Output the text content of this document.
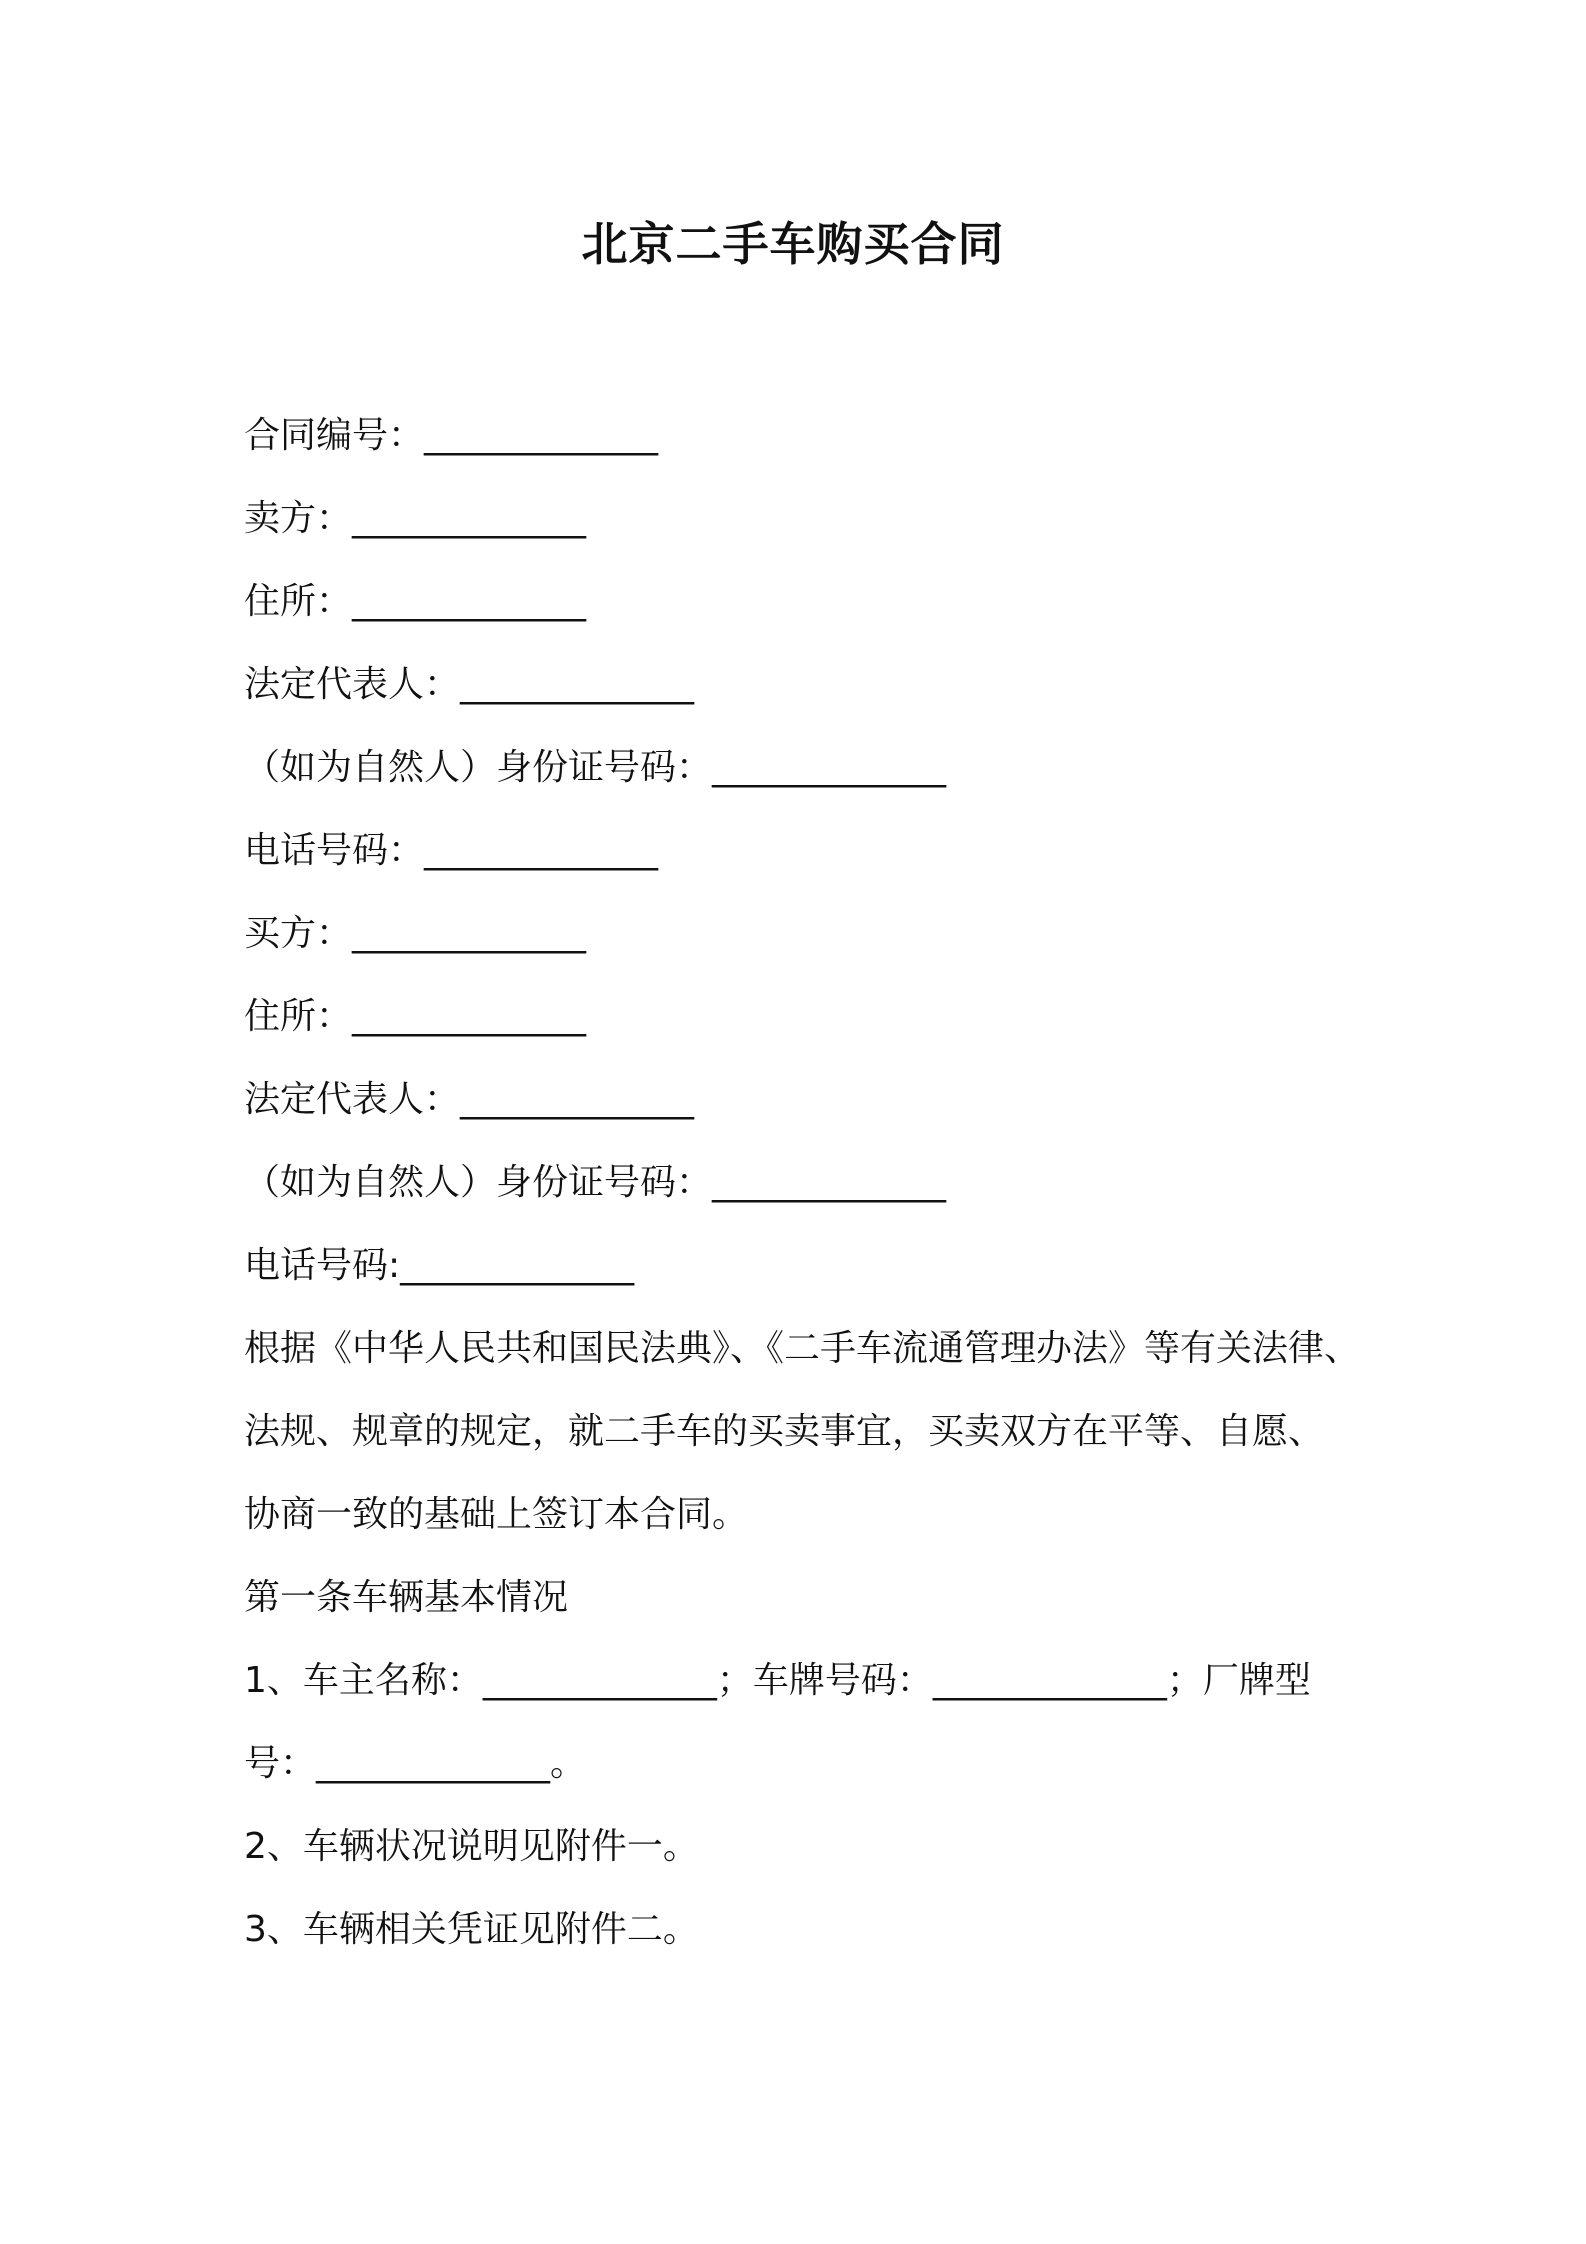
北京二手车购买合同
合同编号：_____________
卖方：_____________
住所：_____________
法定代表人：_____________
（如为自然人）身份证号码：_____________
电话号码：_____________
买方：_____________
住所：_____________
法定代表人：_____________
（如为自然人）身份证号码：_____________
电话号码:_____________
根据《中华人民共和国民法典》、《二手车流通管理办法》等有关法律、
法规、规章的规定，就二手车的买卖事宜，买卖双方在平等、自愿、
协商一致的基础上签订本合同。
第一条车辆基本情况
1、车主名称：_____________；车牌号码：_____________；厂牌型
号：_____________。
2、车辆状况说明见附件一。
3、车辆相关凭证见附件二。
